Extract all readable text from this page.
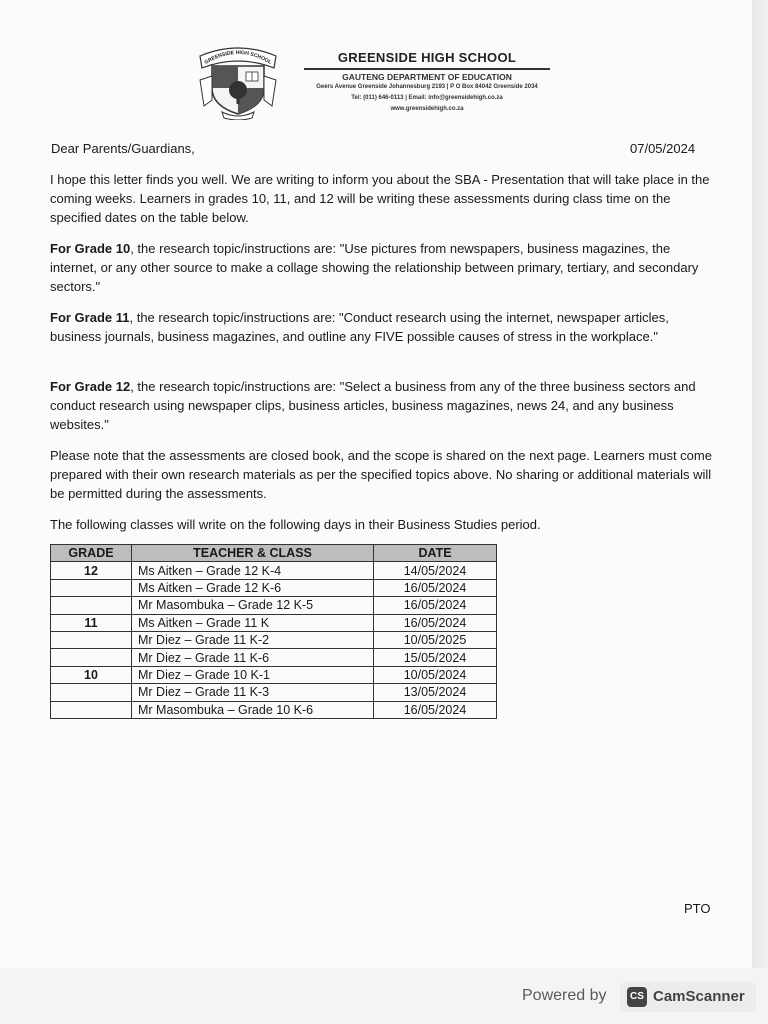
GREENSIDE HIGH SCHOOL	GREENSIDE HIGH SCHOOL
GAUTENG DEPARTMENT OF EDUCATION
Geers Avenue Greenside Johannesburg 2193 | P O Box 84042 Greenside 2034
Tel: (011) 646-0113 | Email: info@greensidehigh.co.za
www.greensidehigh.co.za
Dear Parents/Guardians,	07/05/2024

I hope this letter finds you well. We are writing to inform you about the SBA - Presentation that will take place in the coming weeks. Learners in grades 10, 11, and 12 will be writing these assessments during class time on the specified dates on the table below.

For Grade 10, the research topic/instructions are: "Use pictures from newspapers, business magazines, the internet, or any other source to make a collage showing the relationship between primary, tertiary, and secondary sectors."

For Grade 11, the research topic/instructions are: "Conduct research using the internet, newspaper articles, business journals, business magazines, and outline any FIVE possible causes of stress in the workplace."

For Grade 12, the research topic/instructions are: "Select a business from any of the three business sectors and conduct research using newspaper clips, business articles, business magazines, news 24, and any business websites."

Please note that the assessments are closed book, and the scope is shared on the next page. Learners must come prepared with their own research materials as per the specified topics above. No sharing or additional materials will be permitted during the assessments.

The following classes will write on the following days in their Business Studies period.

GRADE	TEACHER & CLASS	DATE
12	Ms Aitken – Grade 12 K-4	14/05/2024
	Ms Aitken – Grade 12 K-6	16/05/2024
	Mr Masombuka – Grade 12 K-5	16/05/2024
11	Ms Aitken – Grade 11 K	16/05/2024
	Mr Diez – Grade 11 K-2	10/05/2025
	Mr Diez – Grade 11 K-6	15/05/2024
10	Mr Diez – Grade 10 K-1	10/05/2024
	Mr Diez – Grade 11 K-3	13/05/2024
	Mr Masombuka – Grade 10 K-6	16/05/2024
PTO
Powered by	CS CamScanner
